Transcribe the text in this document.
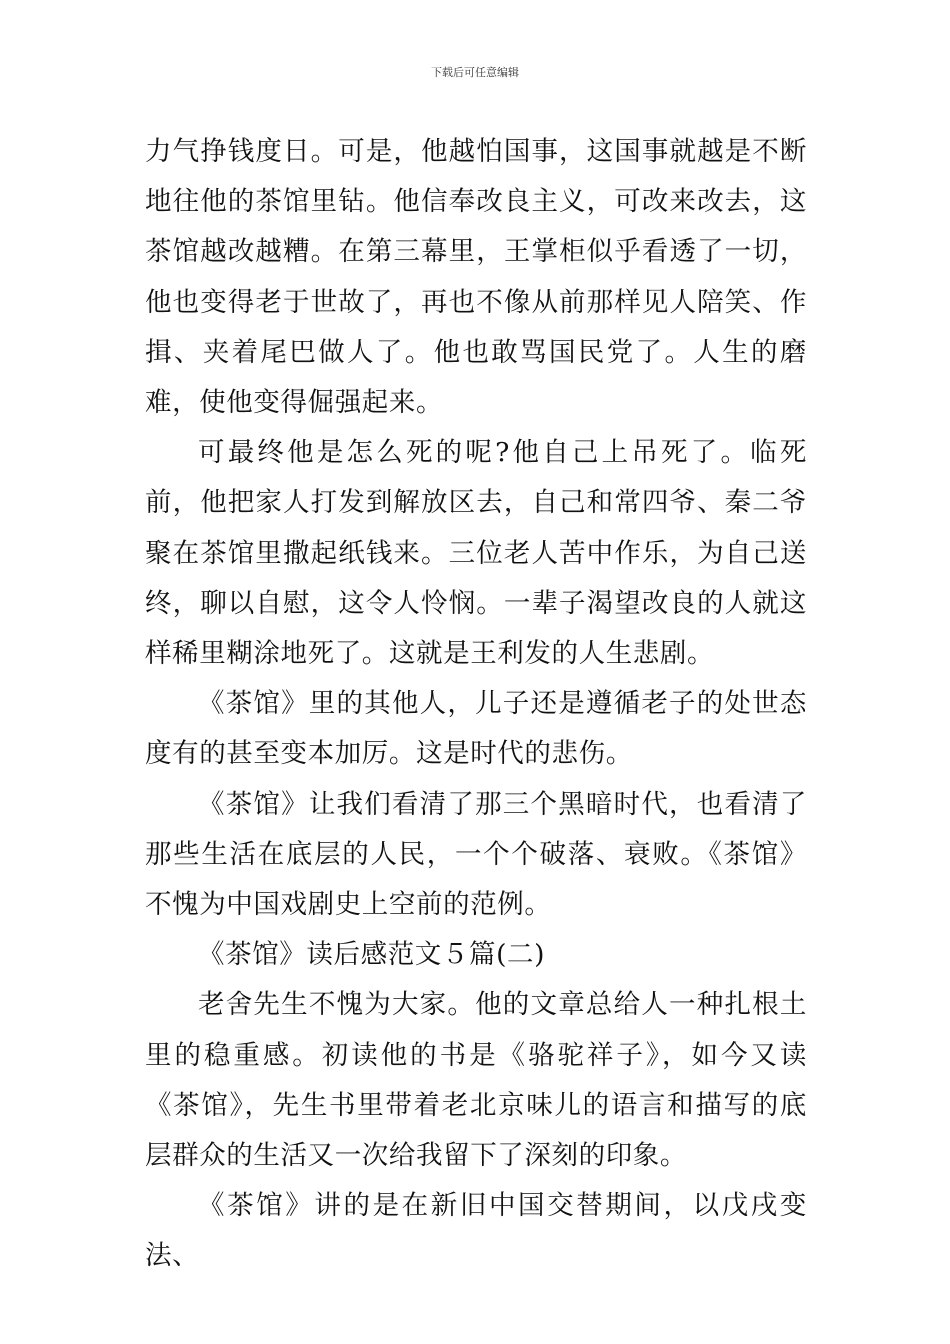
下载后可任意编辑

力气挣钱度日。可是，他越怕国事，这国事就越是不断地往他的茶馆里钻。他信奉改良主义，可改来改去，这茶馆越改越糟。在第三幕里，王掌柜似乎看透了一切，他也变得老于世故了，再也不像从前那样见人陪笑、作揖、夹着尾巴做人了。他也敢骂国民党了。人生的磨难，使他变得倔强起来。

可最终他是怎么死的呢?他自己上吊死了。临死前，他把家人打发到解放区去，自己和常四爷、秦二爷聚在茶馆里撒起纸钱来。三位老人苦中作乐，为自己送终，聊以自慰，这令人怜悯。一辈子渴望改良的人就这样稀里糊涂地死了。这就是王利发的人生悲剧。

《茶馆》里的其他人，儿子还是遵循老子的处世态度有的甚至变本加厉。这是时代的悲伤。

《茶馆》让我们看清了那三个黑暗时代，也看清了那些生活在底层的人民，一个个破落、衰败。《茶馆》不愧为中国戏剧史上空前的范例。

《茶馆》读后感范文５篇(二)

老舍先生不愧为大家。他的文章总给人一种扎根土里的稳重感。初读他的书是《骆驼祥子》，如今又读《茶馆》，先生书里带着老北京味儿的语言和描写的底层群众的生活又一次给我留下了深刻的印象。

《茶馆》讲的是在新旧中国交替期间，以戊戌变法、
